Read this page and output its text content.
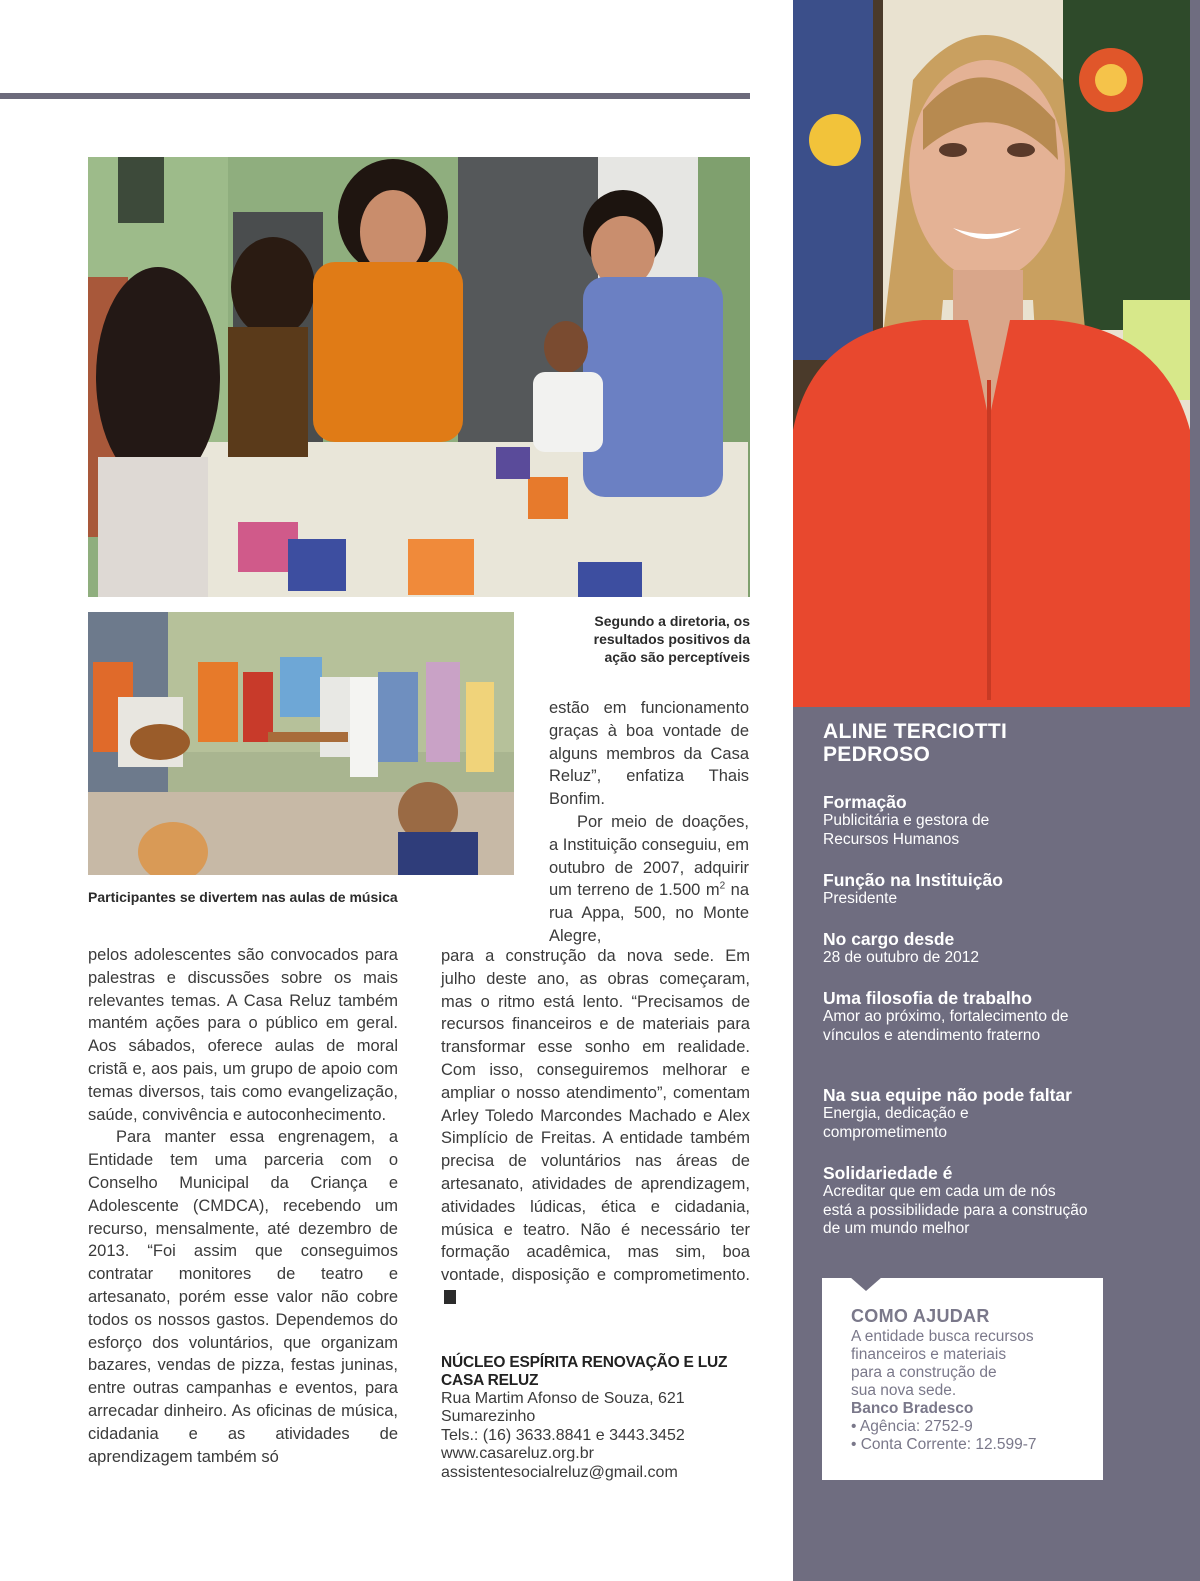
Segundo a diretoria, os resultados positivos da ação são perceptíveis
Participantes se divertem nas aulas de música

estão em funcionamento graças à boa vontade de alguns membros da Casa Reluz”, enfatiza Thais Bonfim.

Por meio de doações, a Instituição conseguiu, em outubro de 2007, adquirir um terreno de 1.500 $m^2$ na rua Appa, 500, no Monte Alegre,

pelos adolescentes são convocados para palestras e discussões sobre os mais relevantes temas. A Casa Reluz também mantém ações para o público em geral. Aos sábados, oferece aulas de moral cristã e, aos pais, um grupo de apoio com temas diversos, tais como evangelização, saúde, convivência e autoconhecimento.

Para manter essa engrenagem, a Entidade tem uma parceria com o Conselho Municipal da Criança e Adolescente (CMDCA), recebendo um recurso, mensalmente, até dezembro de 2013. “Foi assim que conseguimos contratar monitores de teatro e artesanato, porém esse valor não cobre todos os nossos gastos. Dependemos do esforço dos voluntários, que organizam bazares, vendas de pizza, festas juninas, entre outras campanhas e eventos, para arrecadar dinheiro. As oficinas de música, cidadania e as atividades de aprendizagem também só

para a construção da nova sede. Em julho deste ano, as obras começaram, mas o ritmo está lento. “Precisamos de recursos financeiros e de materiais para transformar esse sonho em realidade. Com isso, conseguiremos melhorar e ampliar o nosso atendimento”, comentam Arley Toledo Marcondes Machado e Alex Simplício de Freitas. A entidade também precisa de voluntários nas áreas de artesanato, atividades de aprendizagem, atividades lúdicas, ética e cidadania, música e teatro. Não é necessário ter formação acadêmica, mas sim, boa vontade, disposição e comprometimento.

NÚCLEO ESPÍRITA RENOVAÇÃO E LUZ
CASA RELUZ
Rua Martim Afonso de Souza, 621
Sumarezinho
Tels.: (16) 3633.8841 e 3443.3452
www.casareluz.org.br
assistentesocialreluz@gmail.com
ALINE TERCIOTTI
PEDROSO
Formação
Publicitária e gestora de
Recursos Humanos
Função na Instituição
Presidente
No cargo desde
28 de outubro de 2012
Uma filosofia de trabalho
Amor ao próximo, fortalecimento de
vínculos e atendimento fraterno
Na sua equipe não pode faltar
Energia, dedicação e
comprometimento
Solidariedade é
Acreditar que em cada um de nós
está a possibilidade para a construção
de um mundo melhor
COMO AJUDAR
A entidade busca recursos
financeiros e materiais
para a construção de
sua nova sede.
Banco Bradesco
• Agência: 2752-9
• Conta Corrente: 12.599-7
